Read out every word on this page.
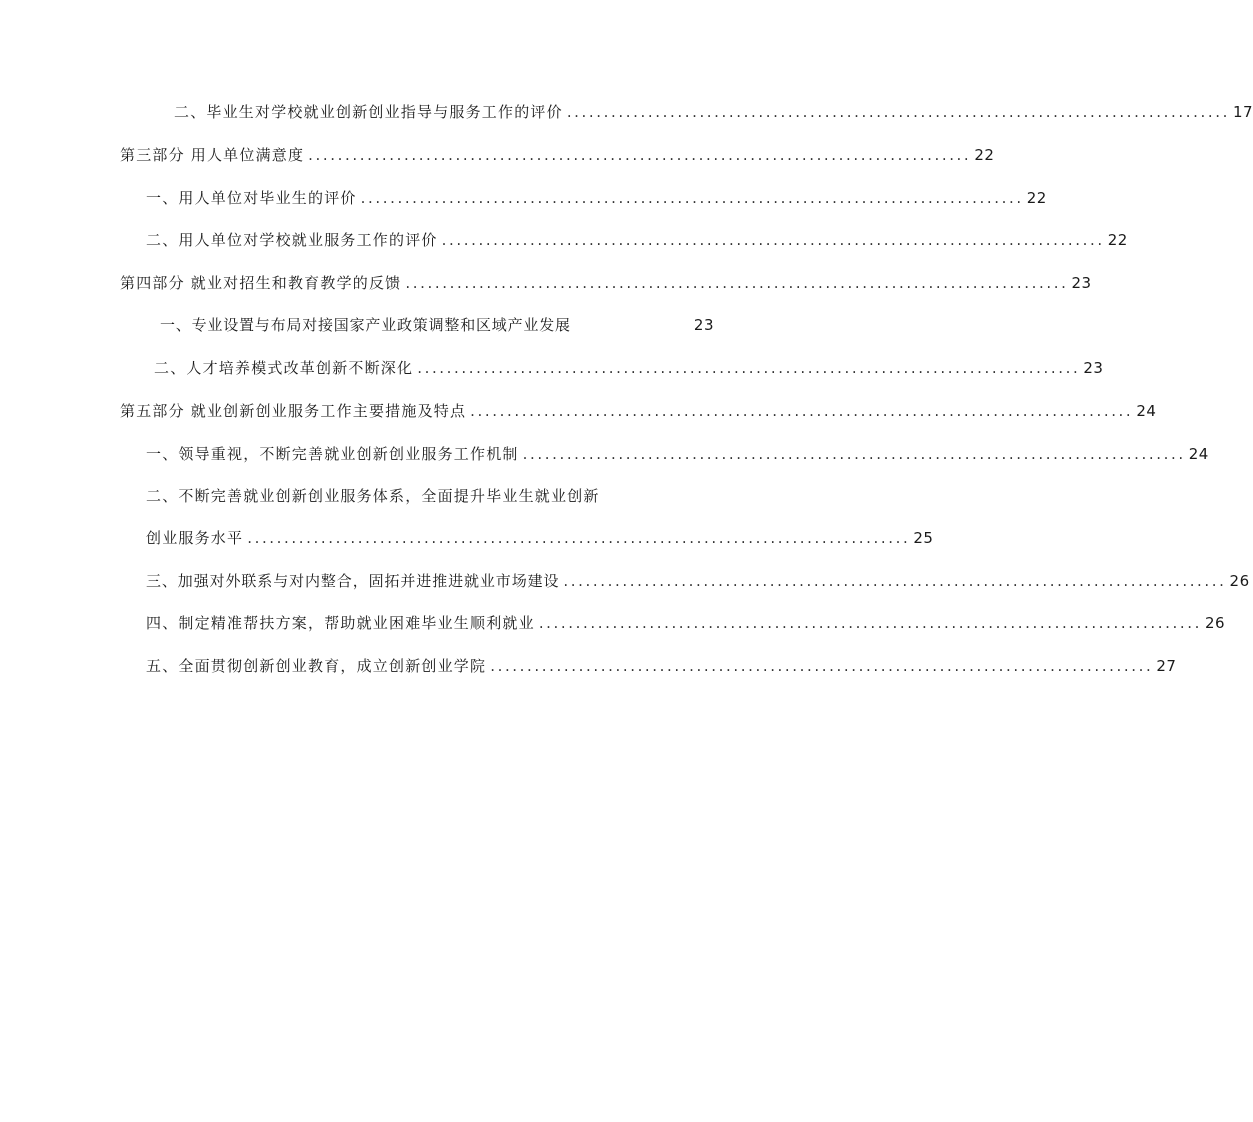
二、毕业生对学校就业创新创业指导与服务工作的评价 .......................................................................................... 17
第三部分 用人单位满意度 .......................................................................................... 22
一、用人单位对毕业生的评价 .......................................................................................... 22
二、用人单位对学校就业服务工作的评价 .......................................................................................... 22
第四部分 就业对招生和教育教学的反馈 .......................................................................................... 23
一、专业设置与布局对接国家产业政策调整和区域产业发展	23
二、人才培养模式改革创新不断深化 .......................................................................................... 23
第五部分 就业创新创业服务工作主要措施及特点 .......................................................................................... 24
一、领导重视，不断完善就业创新创业服务工作机制 .......................................................................................... 24
二、不断完善就业创新创业服务体系，全面提升毕业生就业创新
创业服务水平 .......................................................................................... 25
三、加强对外联系与对内整合，固拓并进推进就业市场建设 .......................................................................................... 26
四、制定精准帮扶方案，帮助就业困难毕业生顺利就业 .......................................................................................... 26
五、全面贯彻创新创业教育，成立创新创业学院 .......................................................................................... 27
